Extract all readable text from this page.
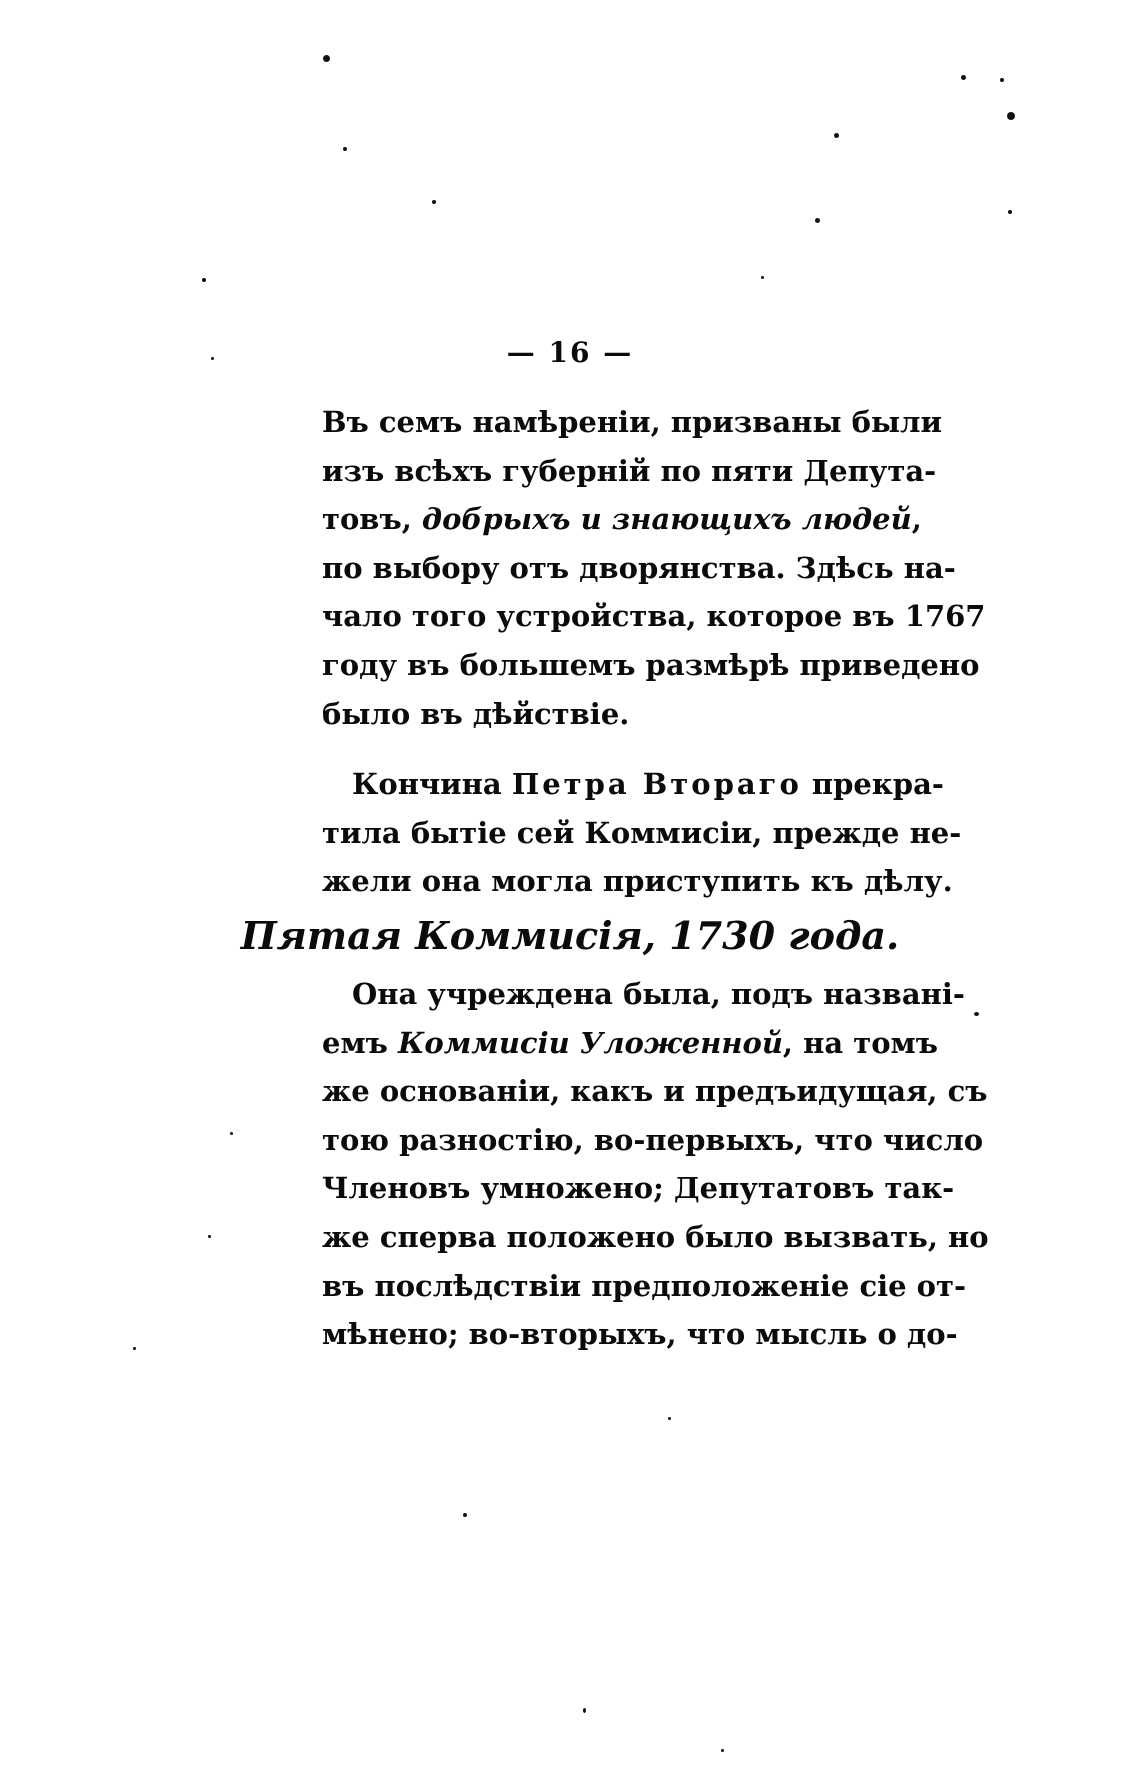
— 16 —
Въ семъ намѣреніи, призваны были
изъ всѣхъ губерній по пяти Депута-
товъ, добрыхъ и знающихъ людей,
по выбору отъ дворянства. Здѣсь на-
чало того устройства, которое въ 1767
году въ большемъ размѣрѣ приведено
было въ дѣйствіе.
Кончина Петра Втораго прекра-
тила бытіе сей Коммисіи, прежде не-
жели она могла приступить къ дѣлу.
Пятая Коммисія, 1730 года.
Она учреждена была, подъ названі-
емъ Коммисіи Уложенной, на томъ
же основаніи, какъ и предъидущая, съ
тою разностію, во-первыхъ, что число
Членовъ умножено; Депутатовъ так-
же сперва положено было вызвать, но
въ послѣдствіи предположеніе сіе от-
мѣнено; во-вторыхъ, что мысль о до-
